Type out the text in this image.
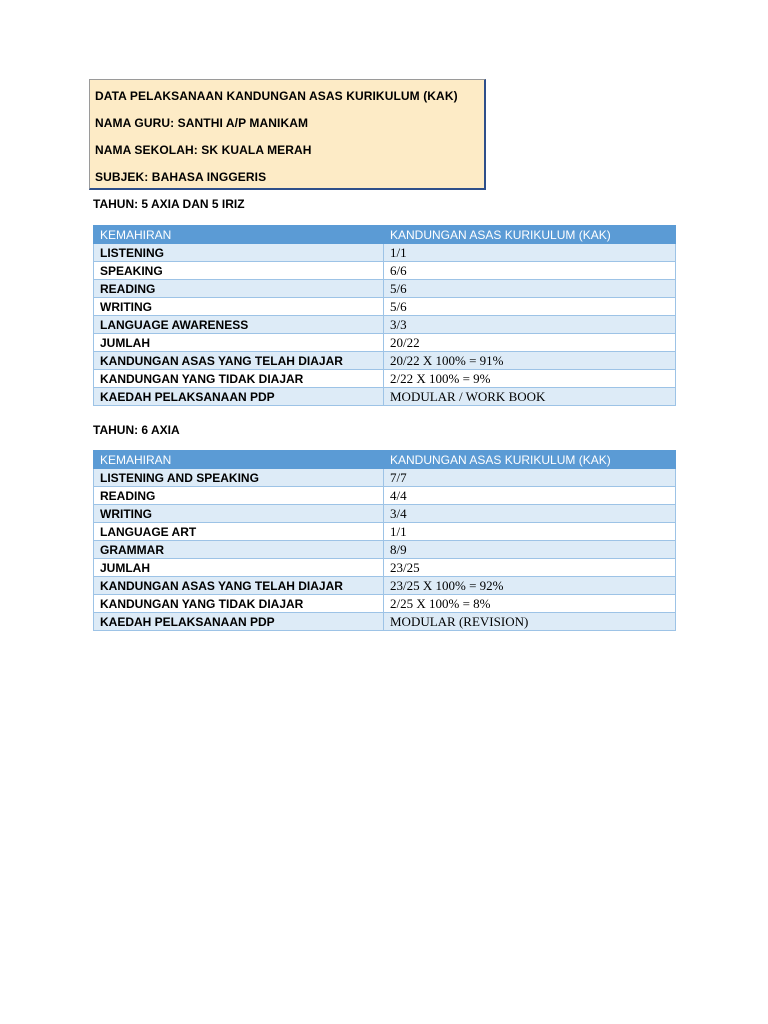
DATA PELAKSANAAN KANDUNGAN ASAS KURIKULUM (KAK)
NAMA GURU: SANTHI A/P MANIKAM
NAMA SEKOLAH: SK KUALA MERAH
SUBJEK: BAHASA INGGERIS
TAHUN: 5 AXIA DAN 5 IRIZ
KEMAHIRAN	KANDUNGAN ASAS KURIKULUM (KAK)
LISTENING	1/1
SPEAKING	6/6
READING	5/6
WRITING	5/6
LANGUAGE AWARENESS	3/3
JUMLAH	20/22
KANDUNGAN ASAS YANG TELAH DIAJAR	20/22 X 100% = 91%
KANDUNGAN YANG TIDAK DIAJAR	2/22 X 100% = 9%
KAEDAH PELAKSANAAN PDP	MODULAR / WORK BOOK
TAHUN: 6 AXIA
KEMAHIRAN	KANDUNGAN ASAS KURIKULUM (KAK)
LISTENING AND SPEAKING	7/7
READING	4/4
WRITING	3/4
LANGUAGE ART	1/1
GRAMMAR	8/9
JUMLAH	23/25
KANDUNGAN ASAS YANG TELAH DIAJAR	23/25 X 100% = 92%
KANDUNGAN YANG TIDAK DIAJAR	2/25 X 100% = 8%
KAEDAH PELAKSANAAN PDP	MODULAR (REVISION)
